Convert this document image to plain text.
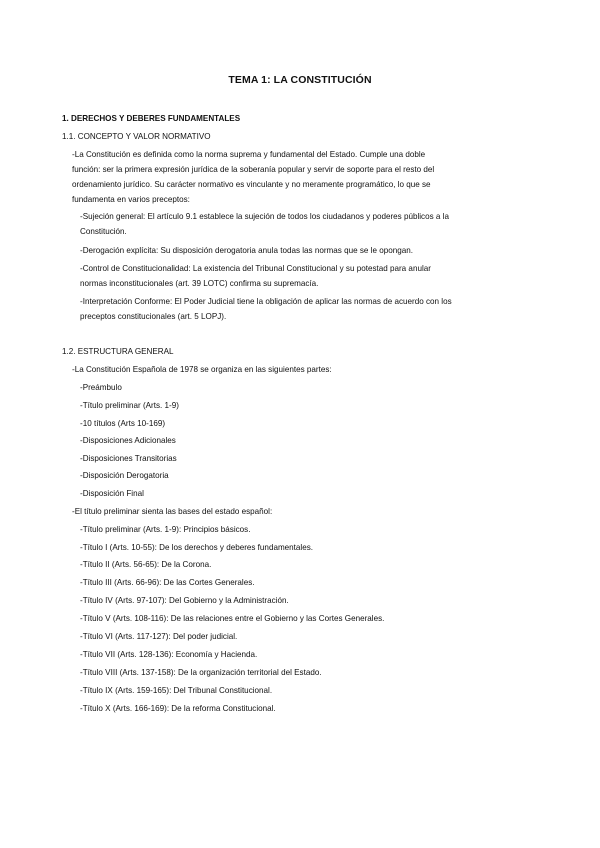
TEMA 1: LA CONSTITUCIÓN
1. DERECHOS Y DEBERES FUNDAMENTALES
1.1. CONCEPTO Y VALOR NORMATIVO
-La Constitución es definida como la norma suprema y fundamental del Estado. Cumple una doble
función: ser la primera expresión jurídica de la soberanía popular y servir de soporte para el resto del
ordenamiento jurídico. Su carácter normativo es vinculante y no meramente programático, lo que se
fundamenta en varios preceptos:
-Sujeción general: El artículo 9.1 establece la sujeción de todos los ciudadanos y poderes públicos a la
Constitución.
-Derogación explícita: Su disposición derogatoria anula todas las normas que se le opongan.
-Control de Constitucionalidad: La existencia del Tribunal Constitucional y su potestad para anular
normas inconstitucionales (art. 39 LOTC) confirma su supremacía.
-Interpretación Conforme: El Poder Judicial tiene la obligación de aplicar las normas de acuerdo con los
preceptos constitucionales (art. 5 LOPJ).
1.2. ESTRUCTURA GENERAL
-La Constitución Española de 1978 se organiza en las siguientes partes:
-Preámbulo
-Título preliminar (Arts. 1-9)
-10 títulos (Arts 10-169)
-Disposiciones Adicionales
-Disposiciones Transitorias
-Disposición Derogatoria
-Disposición Final
-El título preliminar sienta las bases del estado español:
-Título preliminar (Arts. 1-9): Principios básicos.
-Título I (Arts. 10-55): De los derechos y deberes fundamentales.
-Título II (Arts. 56-65): De la Corona.
-Título III (Arts. 66-96): De las Cortes Generales.
-Título IV (Arts. 97-107): Del Gobierno y la Administración.
-Título V (Arts. 108-116): De las relaciones entre el Gobierno y las Cortes Generales.
-Título VI (Arts. 117-127): Del poder judicial.
-Título VII (Arts. 128-136): Economía y Hacienda.
-Título VIII (Arts. 137-158): De la organización territorial del Estado.
-Título IX (Arts. 159-165): Del Tribunal Constitucional.
-Título X (Arts. 166-169): De la reforma Constitucional.
